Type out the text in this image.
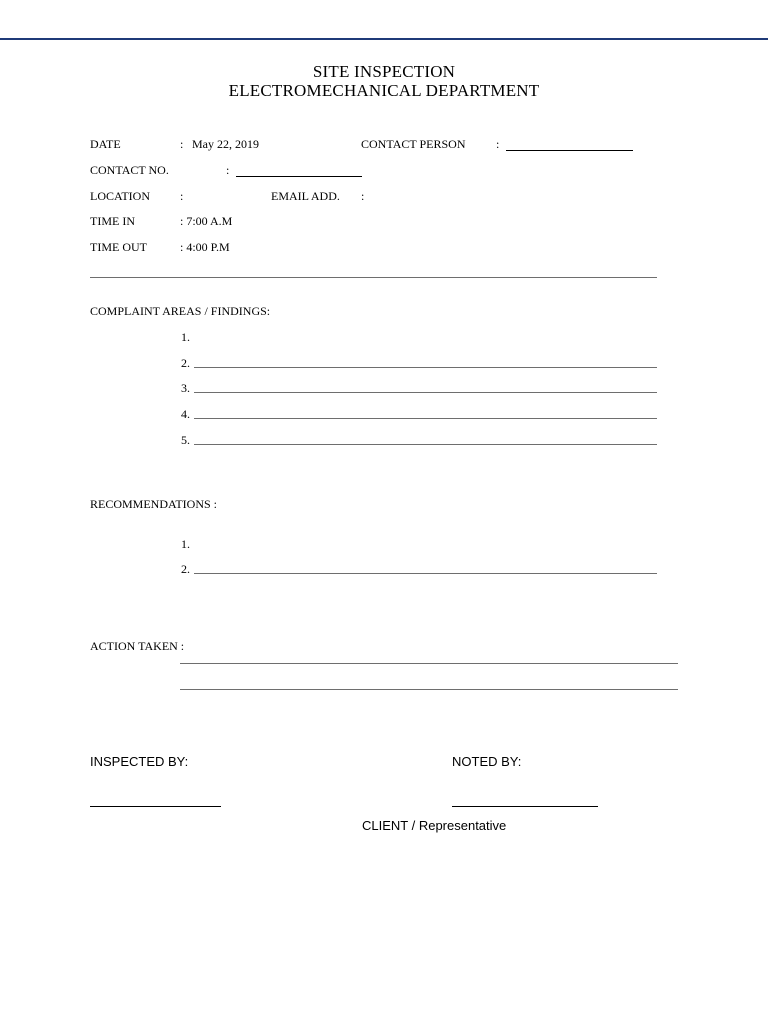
SITE INSPECTION
ELECTROMECHANICAL DEPARTMENT
DATE	: May 22, 2019	CONTACT PERSON	:
CONTACT NO.	:
LOCATION	:	EMAIL ADD. :
TIME IN	: 7:00 A.M
TIME OUT	: 4:00 P.M
COMPLAINT AREAS / FINDINGS:
1.
2.
3.
4.
5.
RECOMMENDATIONS :
1.
2.
ACTION TAKEN :
INSPECTED BY:	NOTED BY:
CLIENT / Representative
